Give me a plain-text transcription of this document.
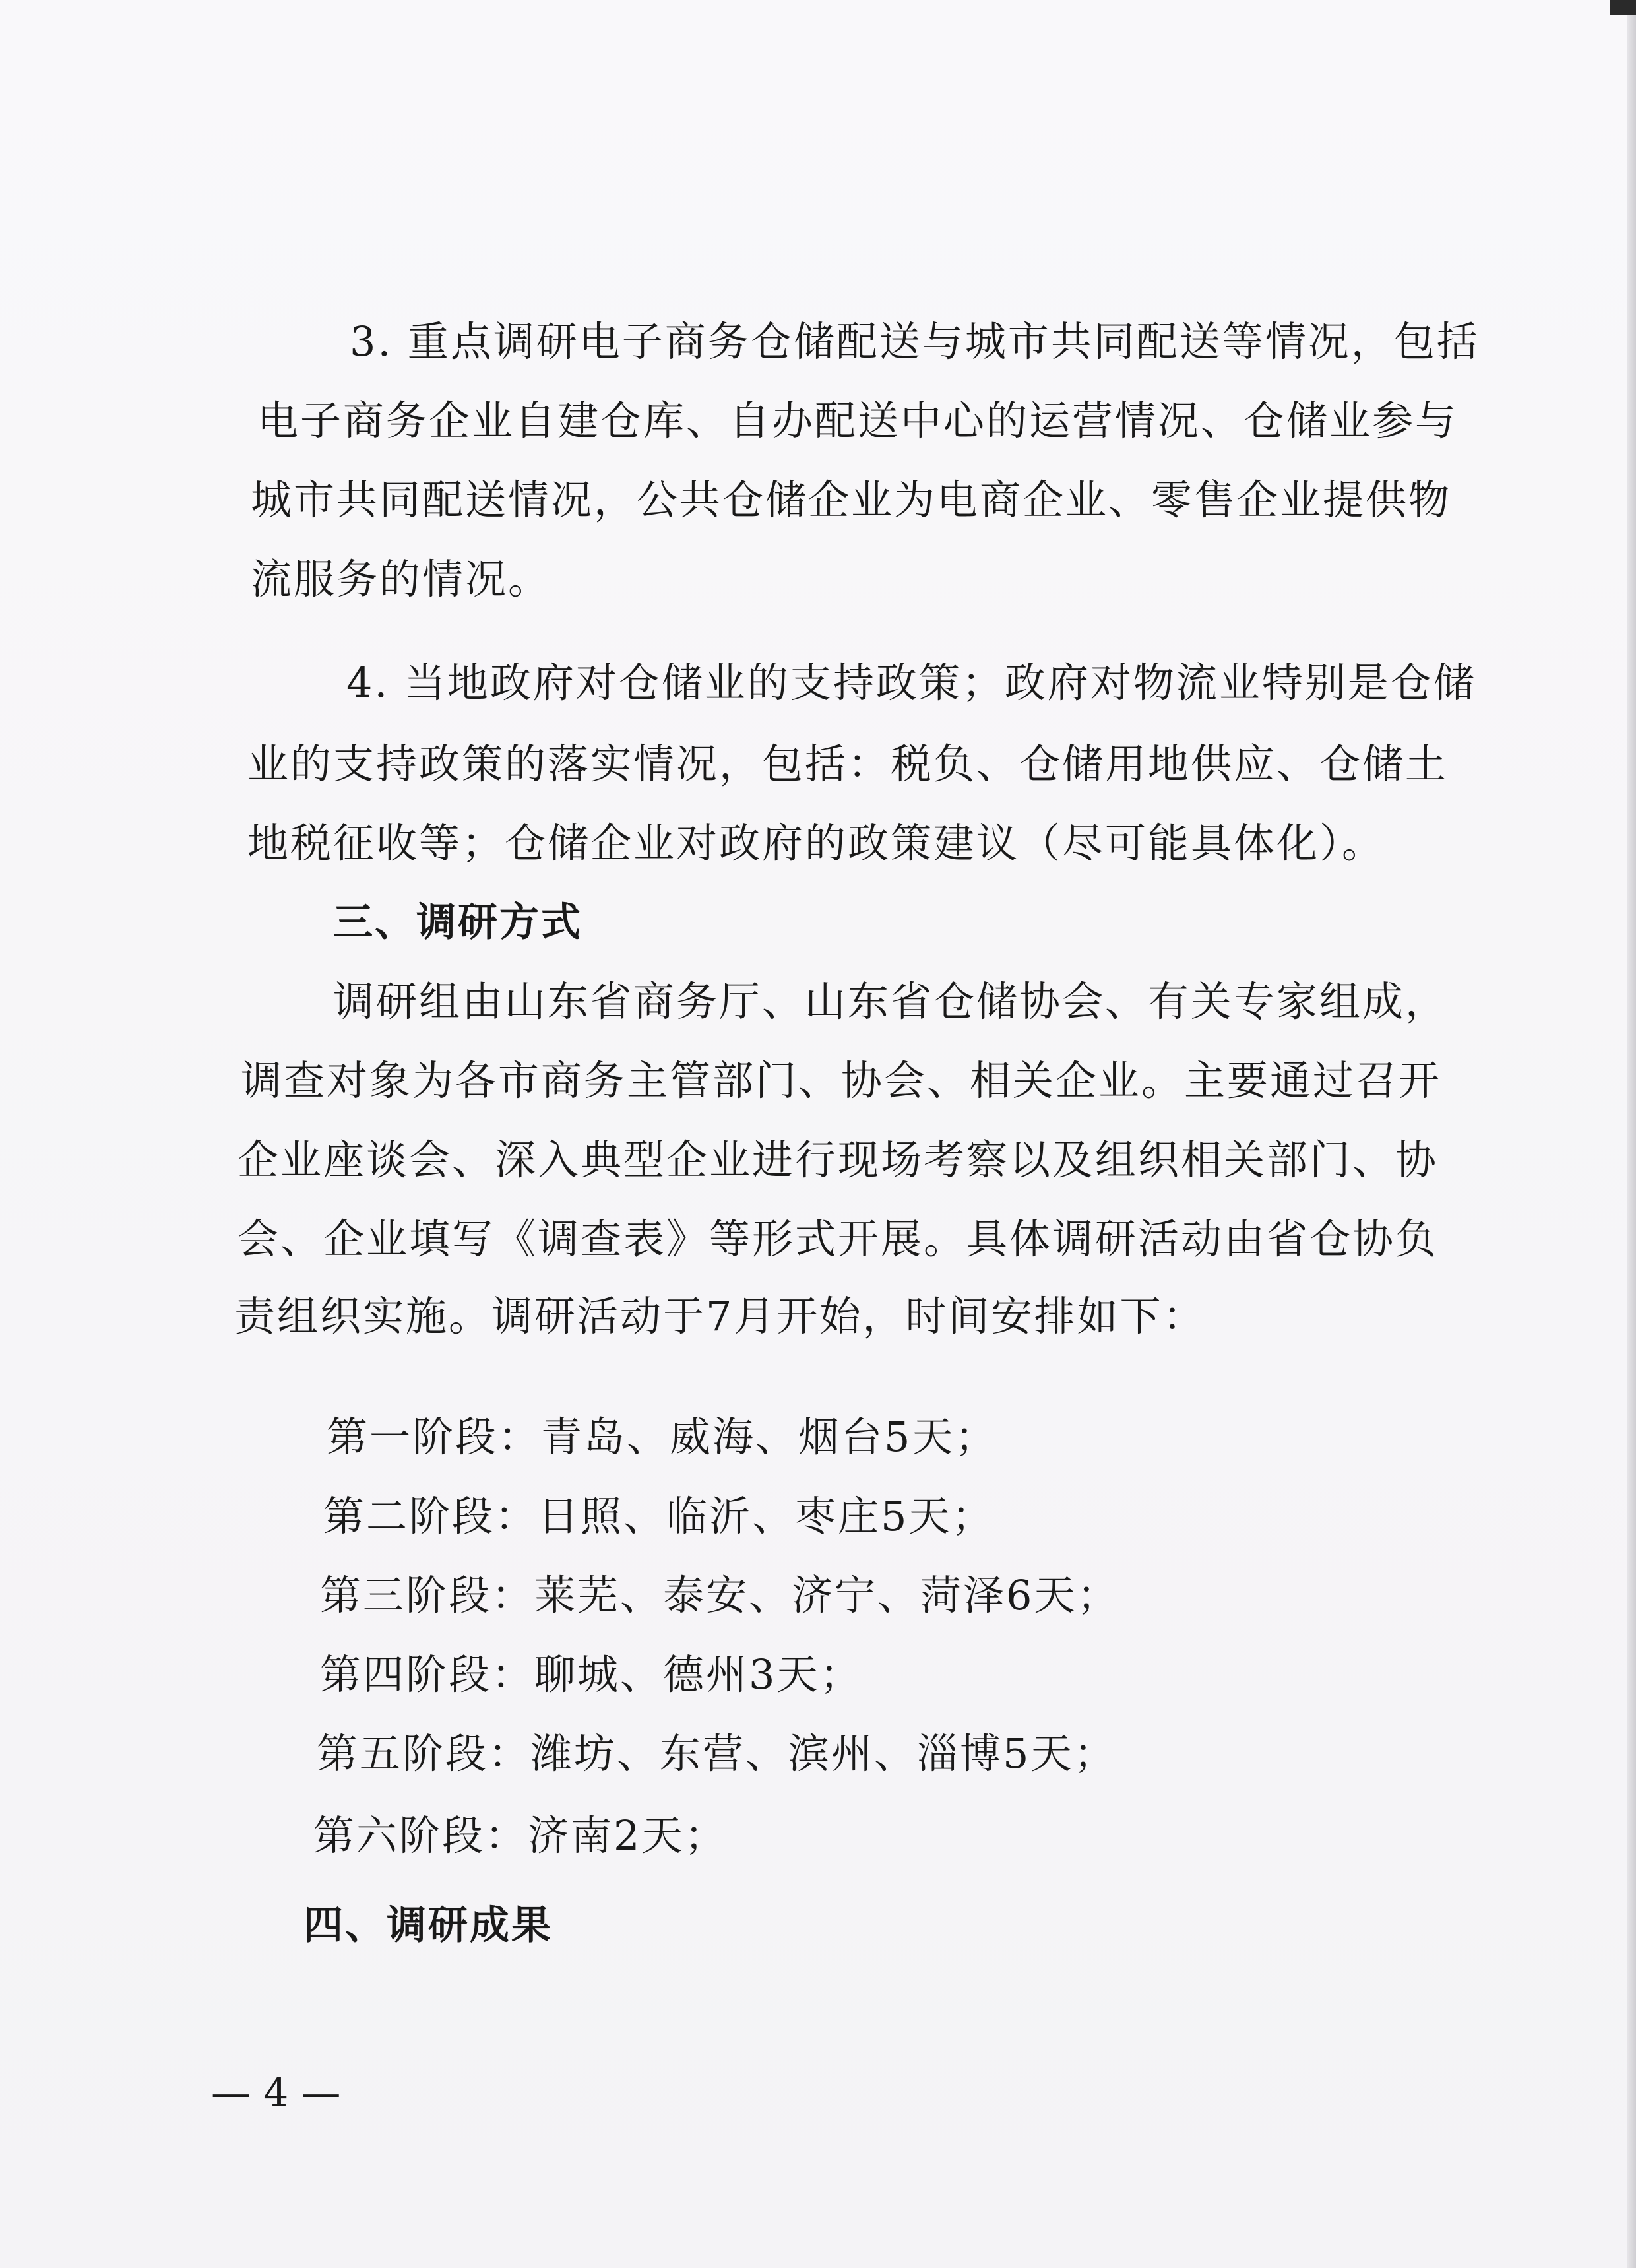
3. 重点调研电子商务仓储配送与城市共同配送等情况，包括
电子商务企业自建仓库、自办配送中心的运营情况、仓储业参与
城市共同配送情况，公共仓储企业为电商企业、零售企业提供物
流服务的情况。
4. 当地政府对仓储业的支持政策；政府对物流业特别是仓储
业的支持政策的落实情况，包括：税负、仓储用地供应、仓储土
地税征收等；仓储企业对政府的政策建议（尽可能具体化）。
三、调研方式
调研组由山东省商务厅、山东省仓储协会、有关专家组成，
调查对象为各市商务主管部门、协会、相关企业。主要通过召开
企业座谈会、深入典型企业进行现场考察以及组织相关部门、协
会、企业填写《调查表》等形式开展。具体调研活动由省仓协负
责组织实施。调研活动于7月开始，时间安排如下：
第一阶段：青岛、威海、烟台5天；
第二阶段：日照、临沂、枣庄5天；
第三阶段：莱芜、泰安、济宁、菏泽6天；
第四阶段：聊城、德州3天；
第五阶段：潍坊、东营、滨州、淄博5天；
第六阶段：济南2天；
四、调研成果
— 4 —
